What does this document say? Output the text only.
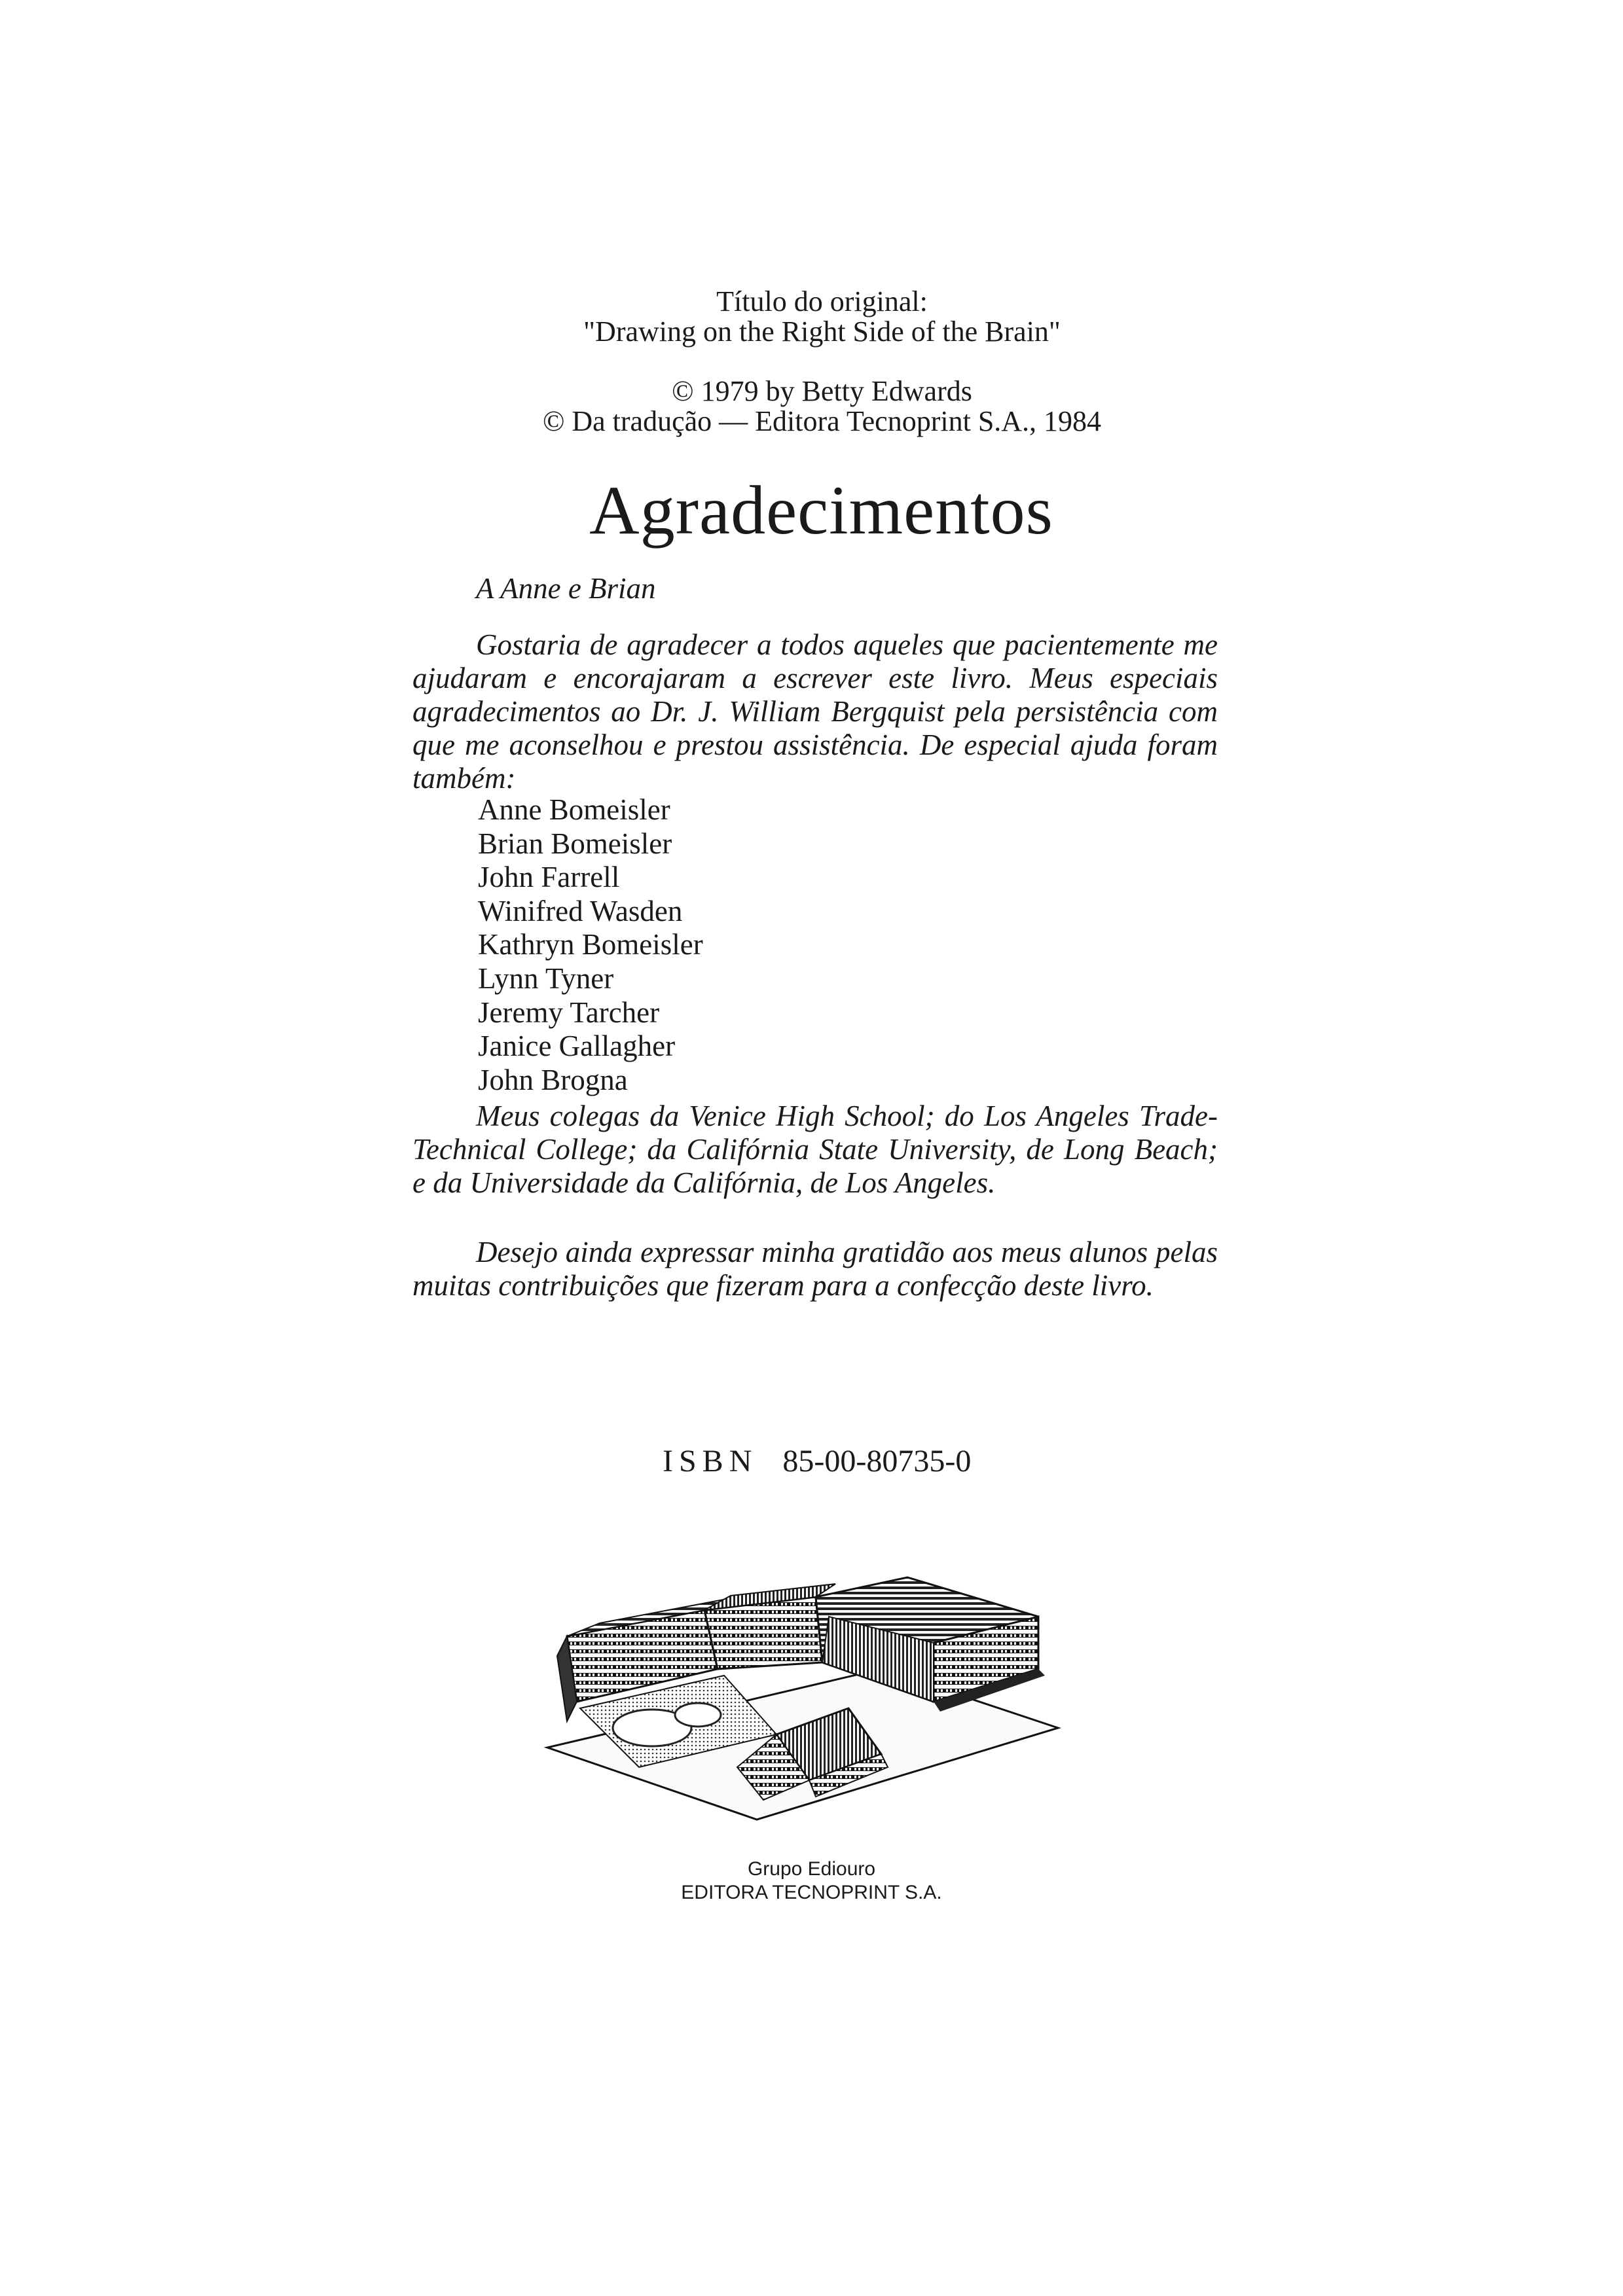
Título do original:
"Drawing on the Right Side of the Brain"
© 1979 by Betty Edwards
© Da tradução — Editora Tecnoprint S.A., 1984
Agradecimentos
A Anne e Brian

Gostaria de agradecer a todos aqueles que pacientemente me ajudaram e encorajaram a escrever este livro. Meus especiais agradecimentos ao Dr. J. William Bergquist pela persistência com que me aconselhou e prestou assistência. De especial ajuda foram também:

Anne Bomeisler
Brian Bomeisler
John Farrell
Winifred Wasden
Kathryn Bomeisler
Lynn Tyner
Jeremy Tarcher
Janice Gallagher
John Brogna

Meus colegas da Venice High School; do Los Angeles Trade-Technical College; da Califórnia State University, de Long Beach; e da Universidade da Califórnia, de Los Angeles.

Desejo ainda expressar minha gratidão aos meus alunos pelas muitas contribuições que fizeram para a confecção deste livro.

ISBN 85-00-80735-0
Grupo Ediouro
EDITORA TECNOPRINT S.A.
